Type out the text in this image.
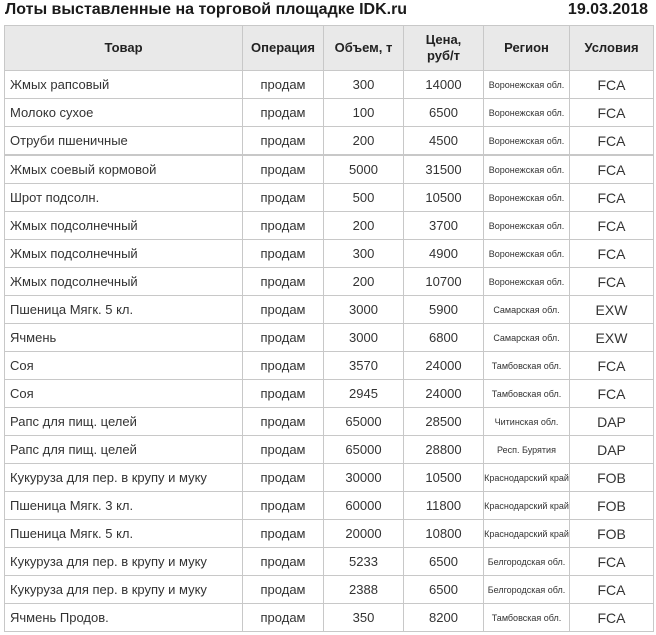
Лоты выставленные на торговой площадке IDK.ru	19.03.2018
Товар	Операция	Объем, т	Цена, руб/т	Регион	Условия
Жмых рапсовый	продам	300	14000	Воронежская обл.	FCA
Молоко сухое	продам	100	6500	Воронежская обл.	FCA
Отруби пшеничные	продам	200	4500	Воронежская обл.	FCA
Жмых соевый кормовой	продам	5000	31500	Воронежская обл.	FCA
Шрот подсолн.	продам	500	10500	Воронежская обл.	FCA
Жмых подсолнечный	продам	200	3700	Воронежская обл.	FCA
Жмых подсолнечный	продам	300	4900	Воронежская обл.	FCA
Жмых подсолнечный	продам	200	10700	Воронежская обл.	FCA
Пшеница Мягк. 5 кл.	продам	3000	5900	Самарская обл.	EXW
Ячмень	продам	3000	6800	Самарская обл.	EXW
Соя	продам	3570	24000	Тамбовская обл.	FCA
Соя	продам	2945	24000	Тамбовская обл.	FCA
Рапс для пищ. целей	продам	65000	28500	Читинская обл.	DAP
Рапс для пищ. целей	продам	65000	28800	Респ. Бурятия	DAP
Кукуруза для пер. в крупу и муку	продам	30000	10500	Краснодарский край	FOB
Пшеница Мягк. 3 кл.	продам	60000	11800	Краснодарский край	FOB
Пшеница Мягк. 5 кл.	продам	20000	10800	Краснодарский край	FOB
Кукуруза для пер. в крупу и муку	продам	5233	6500	Белгородская обл.	FCA
Кукуруза для пер. в крупу и муку	продам	2388	6500	Белгородская обл.	FCA
Ячмень Продов.	продам	350	8200	Тамбовская обл.	FCA
